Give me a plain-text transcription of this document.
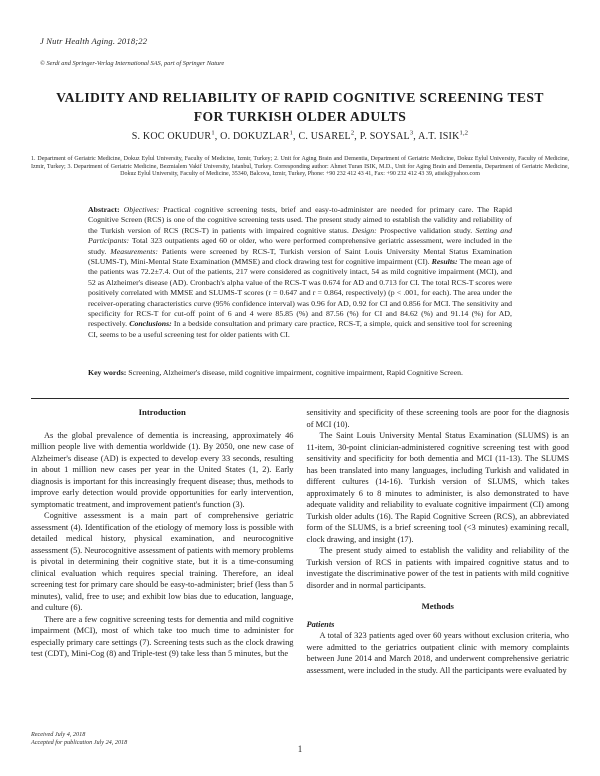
J Nutr Health Aging. 2018;22
© Serdi and Springer-Verlag International SAS, part of Springer Nature
VALIDITY AND RELIABILITY OF RAPID COGNITIVE SCREENING TEST
FOR TURKISH OLDER ADULTS
S. KOC OKUDUR$^1$, O. DOKUZLAR$^1$, C. USAREL$^2$, P. SOYSAL$^3$, A.T. ISIK$^{1,2}$
1. Department of Geriatric Medicine, Dokuz Eylul University, Faculty of Medicine, Izmir, Turkey; 2. Unit for Aging Brain and Dementia, Department of Geriatric Medicine, Dokuz Eylul University, Faculty of Medicine, Izmir, Turkey; 3. Department of Geriatric Medicine, Bezmialem Vakif University, Istanbul, Turkey. Corresponding author: Ahmet Turan ISIK, M.D., Unit for Aging Brain and Dementia, Department of Geriatric Medicine, Dokuz Eylul University, Faculty of Medicine, 35340, Balcova, Izmir, Turkey, Phone: +90 232 412 43 41, Fax: +90 232 412 43 39, atisik@yahoo.com
Abstract: Objectives: Practical cognitive screening tests, brief and easy-to-administer are needed for primary care. The Rapid Cognitive Screen (RCS) is one of the cognitive screening tests used. The present study aimed to establish the validity and reliability of the Turkish version of RCS (RCS-T) in patients with impaired cognitive status. Design: Prospective validation study. Setting and Participants: Total 323 outpatients aged 60 or older, who were performed comprehensive geriatric assessment, were included in the study. Measurements: Patients were screened by RCS-T, Turkish version of Saint Louis University Mental Status Examination (SLUMS-T), Mini-Mental State Examination (MMSE) and clock drawing test for cognitive impairment (CI). Results: The mean age of the patients was 72.2±7.4. Out of the patients, 217 were considered as cognitively intact, 54 as mild cognitive impairment (MCI), and 52 as Alzheimer's disease (AD). Cronbach's alpha value of the RCS-T was 0.674 for AD and 0.713 for CI. The total RCS-T scores were positively correlated with MMSE and SLUMS-T scores (r = 0.647 and r = 0.864, respectively) (p < .001, for each). The area under the receiver-operating characteristics curve (95% confidence interval) was 0.96 for AD, 0.92 for CI and 0.856 for MCI. The sensitivity and specificity for RCS-T for cut-off point of 6 and 4 were 85.85 (%) and 87.56 (%) for CI and 84.62 (%) and 91.14 (%) for AD, respectively. Conclusions: In a bedside consultation and primary care practice, RCS-T, a simple, quick and sensitive tool for screening CI, seems to be a useful screening test for older patients with CI.
Key words: Screening, Alzheimer's disease, mild cognitive impairment, cognitive impairment, Rapid Cognitive Screen.
Introduction

As the global prevalence of dementia is increasing, approximately 46 million people live with dementia worldwide (1). By 2050, one new case of Alzheimer's disease (AD) is expected to develop every 33 seconds, resulting in about 1 million new cases per year in the United States (1, 2). Early diagnosis is important for this increasingly frequent disease; thus, methods to improve early detection would provide opportunities for early intervention, symptomatic treatment, and improvement patient's function (3).

Cognitive assessment is a main part of comprehensive geriatric assessment (4). Identification of the etiology of memory loss is possible with detailed medical history, physical examination, and neurocognitive assessment (5). Neurocognitive assessment of patients with memory problems is pivotal in determining their cognitive state, but it is a time-consuming clinical evaluation which requires special training. Therefore, an ideal screening test for primary care should be easy-to-administer; brief (less than 5 minutes), valid, free to use; and exhibit low bias due to education, language, and culture (6).

There are a few cognitive screening tests for dementia and mild cognitive impairment (MCI), most of which take too much time to administer for especially primary care settings (7). Screening tests such as the clock drawing test (CDT), Mini-Cog (8) and Triple-test (9) take less than 5 minutes, but the

sensitivity and specificity of these screening tools are poor for the diagnosis of MCI (10).

The Saint Louis University Mental Status Examination (SLUMS) is an 11-item, 30-point clinician-administered cognitive screening test with good sensitivity and specificity for both dementia and MCI (11-13). The SLUMS has been translated into many languages, including Turkish and validated in different cultures (14-16). Turkish version of SLUMS, which takes approximately 6 to 8 minutes to administer, is also demonstrated to have adequate validity and reliability to evaluate cognitive impairment (CI) among Turkish older adults (16). The Rapid Cognitive Screen (RCS), an abbreviated form of the SLUMS, is a brief screening tool (<3 minutes) examining recall, clock drawing, and insight (17).

The present study aimed to establish the validity and reliability of the Turkish version of RCS in patients with impaired cognitive status and to investigate the discriminative power of the test in patients with mild cognitive disorder and in normal participants.

Methods
Patients

A total of 323 patients aged over 60 years without exclusion criteria, who were admitted to the geriatrics outpatient clinic with memory complaints between June 2014 and March 2018, and underwent comprehensive geriatric assessment, were included in the study. All the participants were evaluated by

Received July 4, 2018
Accepted for publication July 24, 2018
1
